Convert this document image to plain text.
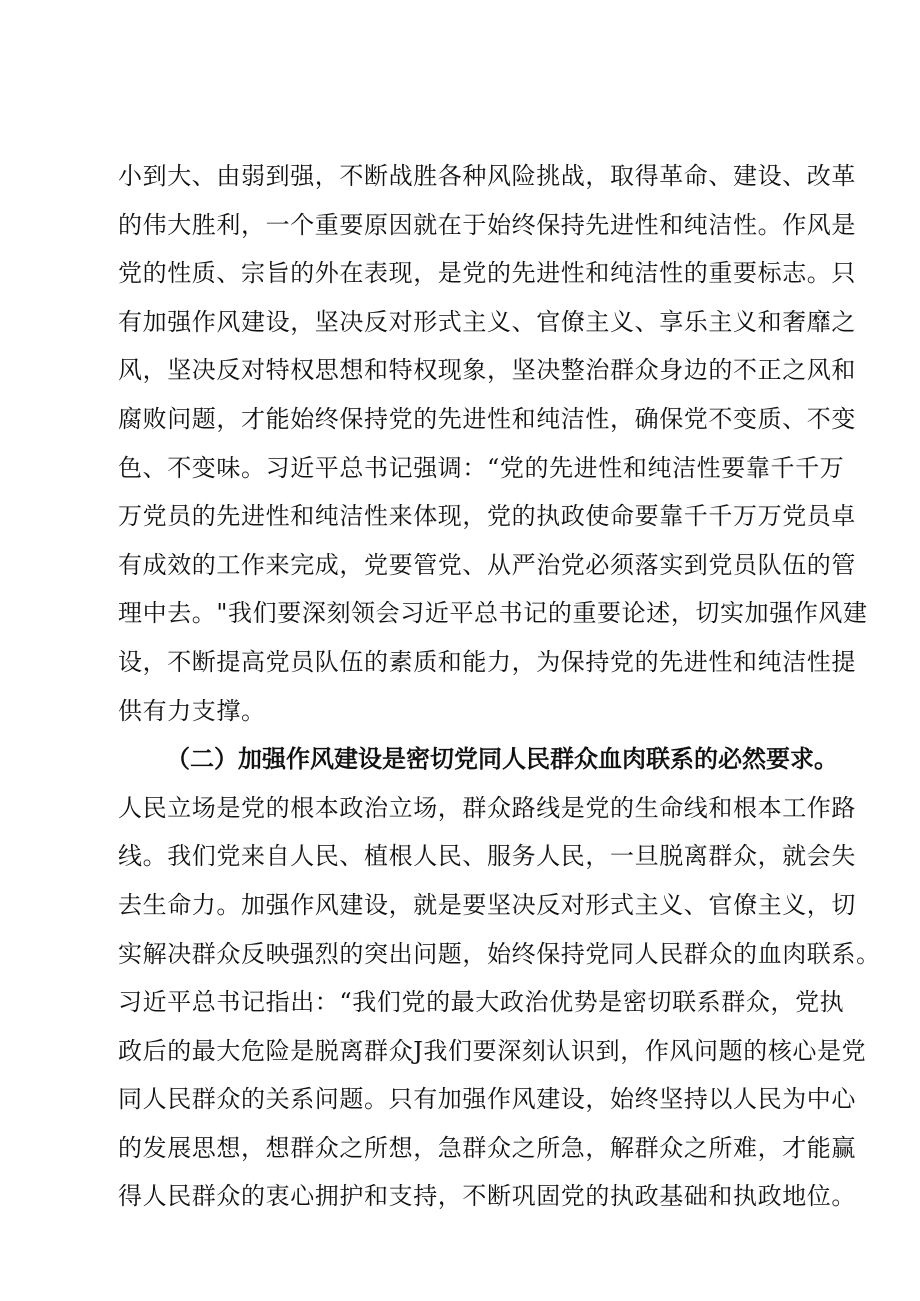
小到大、由弱到强，不断战胜各种风险挑战，取得革命、建设、改革
的伟大胜利，一个重要原因就在于始终保持先进性和纯洁性。作风是
党的性质、宗旨的外在表现，是党的先进性和纯洁性的重要标志。只
有加强作风建设，坚决反对形式主义、官僚主义、享乐主义和奢靡之
风，坚决反对特权思想和特权现象，坚决整治群众身边的不正之风和
腐败问题，才能始终保持党的先进性和纯洁性，确保党不变质、不变
色、不变味。习近平总书记强调：“党的先进性和纯洁性要靠千千万
万党员的先进性和纯洁性来体现，党的执政使命要靠千千万万党员卓
有成效的工作来完成，党要管党、从严治党必须落实到党员队伍的管
理中去。"我们要深刻领会习近平总书记的重要论述，切实加强作风建
设，不断提高党员队伍的素质和能力，为保持党的先进性和纯洁性提
供有力支撑。
（二）加强作风建设是密切党同人民群众血肉联系的必然要求。
人民立场是党的根本政治立场，群众路线是党的生命线和根本工作路
线。我们党来自人民、植根人民、服务人民，一旦脱离群众，就会失
去生命力。加强作风建设，就是要坚决反对形式主义、官僚主义，切
实解决群众反映强烈的突出问题，始终保持党同人民群众的血肉联系。
习近平总书记指出：“我们党的最大政治优势是密切联系群众，党执
政后的最大危险是脱离群众J我们要深刻认识到，作风问题的核心是党
同人民群众的关系问题。只有加强作风建设，始终坚持以人民为中心
的发展思想，想群众之所想，急群众之所急，解群众之所难，才能赢
得人民群众的衷心拥护和支持，不断巩固党的执政基础和执政地位。
